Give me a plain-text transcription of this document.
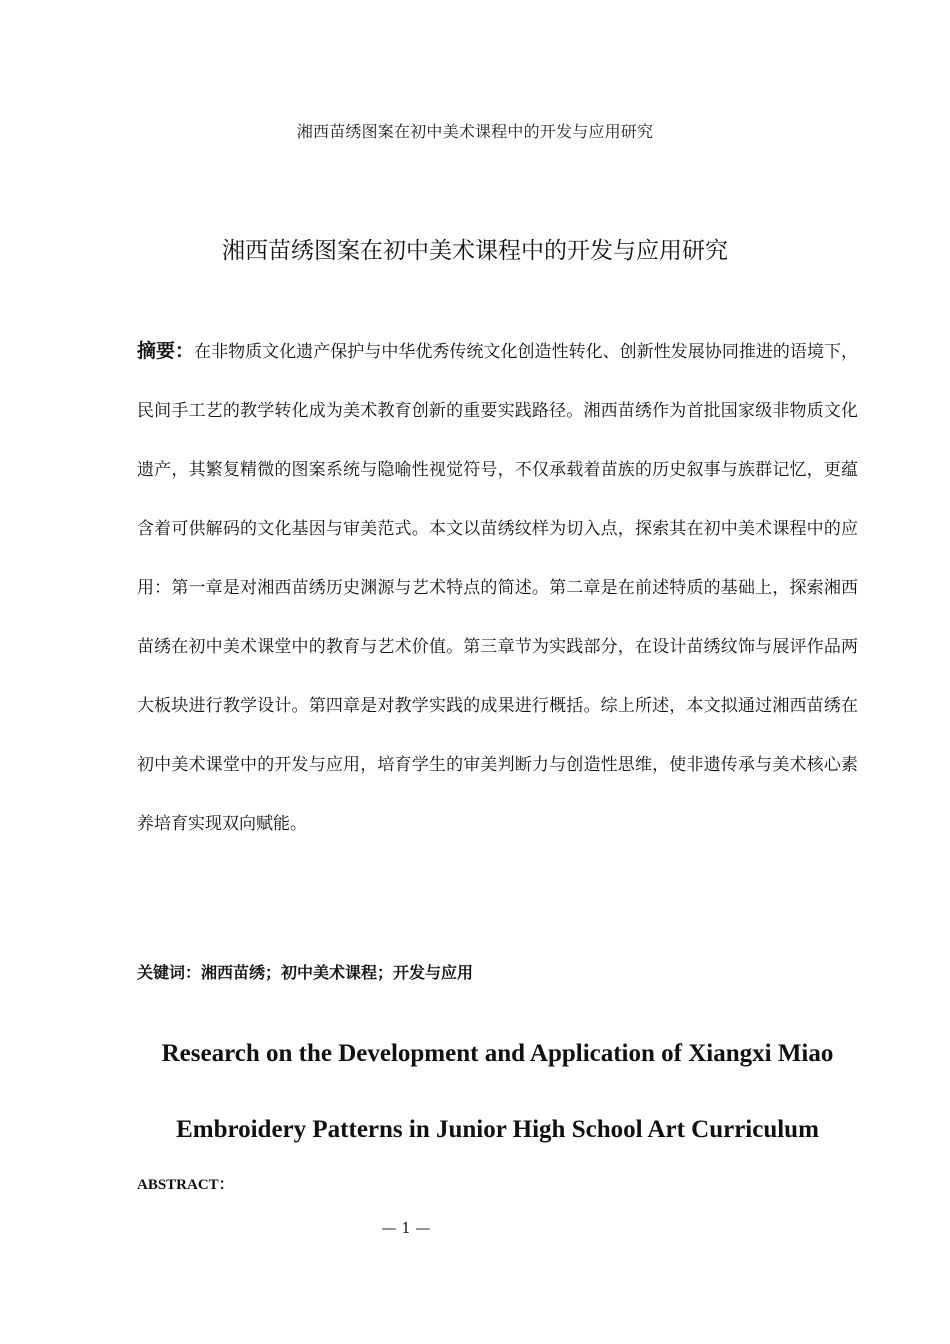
湘西苗绣图案在初中美术课程中的开发与应用研究
湘西苗绣图案在初中美术课程中的开发与应用研究
摘要：在非物质文化遗产保护与中华优秀传统文化创造性转化、创新性发展协同推进的语境下，民间手工艺的教学转化成为美术教育创新的重要实践路径。湘西苗绣作为首批国家级非物质文化遗产，其繁复精微的图案系统与隐喻性视觉符号，不仅承载着苗族的历史叙事与族群记忆，更蕴含着可供解码的文化基因与审美范式。本文以苗绣纹样为切入点，探索其在初中美术课程中的应用：第一章是对湘西苗绣历史渊源与艺术特点的简述。第二章是在前述特质的基础上，探索湘西苗绣在初中美术课堂中的教育与艺术价值。第三章节为实践部分，在设计苗绣纹饰与展评作品两大板块进行教学设计。第四章是对教学实践的成果进行概括。综上所述，本文拟通过湘西苗绣在初中美术课堂中的开发与应用，培育学生的审美判断力与创造性思维，使非遗传承与美术核心素养培育实现双向赋能。
关键词：湘西苗绣；初中美术课程；开发与应用
Research on the Development and Application of Xiangxi Miao
Embroidery Patterns in Junior High School Art Curriculum
ABSTRACT：
— 1 —
